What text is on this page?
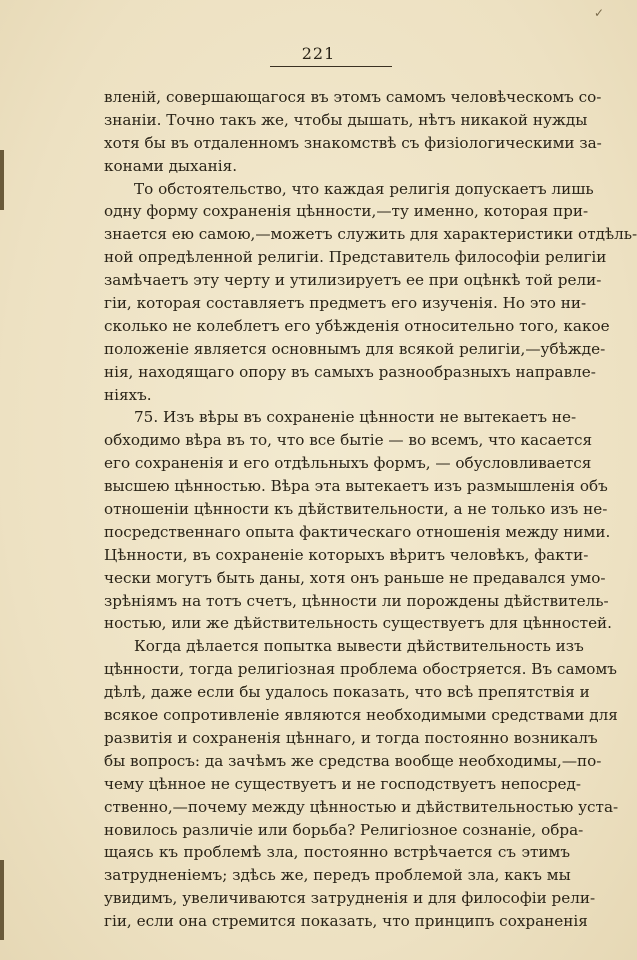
✓
221
вленій, совершающагося въ этомъ самомъ человѣческомъ со-
знаніи. Точно такъ же, чтобы дышать, нѣтъ никакой нужды
хотя бы въ отдаленномъ знакомствѣ съ физіологическими за-
конами дыханія.
То обстоятельство, что каждая религія допускаетъ лишь
одну форму сохраненія цѣнности,—ту именно, которая при-
знается ею самою,—можетъ служить для характеристики отдѣль-
ной опредѣленной религіи. Представитель философіи религіи
замѣчаетъ эту черту и утилизируетъ ее при оцѣнкѣ той рели-
гіи, которая составляетъ предметъ его изученія. Но это ни-
сколько не колеблетъ его убѣжденія относительно того, какое
положеніе является основнымъ для всякой религіи,—убѣжде-
нія, находящаго опору въ самыхъ разнообразныхъ направле-
ніяхъ.
75. Изъ вѣры въ сохраненіе цѣнности не вытекаетъ не-
обходимо вѣра въ то, что все бытіе — во всемъ, что касается
его сохраненія и его отдѣльныхъ формъ, — обусловливается
высшею цѣнностью. Вѣра эта вытекаетъ изъ размышленія объ
отношеніи цѣнности къ дѣйствительности, а не только изъ не-
посредственнаго опыта фактическаго отношенія между ними.
Цѣнности, въ сохраненіе которыхъ вѣритъ человѣкъ, факти-
чески могутъ быть даны, хотя онъ раньше не предавался умо-
зрѣніямъ на тотъ счетъ, цѣнности ли порождены дѣйствитель-
ностью, или же дѣйствительность существуетъ для цѣнностей.
Когда дѣлается попытка вывести дѣйствительность изъ
цѣнности, тогда религіозная проблема обостряется. Въ самомъ
дѣлѣ, даже если бы удалось показать, что всѣ препятствія и
всякое сопротивленіе являются необходимыми средствами для
развитія и сохраненія цѣннаго, и тогда постоянно возникалъ
бы вопросъ: да зачѣмъ же средства вообще необходимы,—по-
чему цѣнное не существуетъ и не господствуетъ непосред-
ственно,—почему между цѣнностью и дѣйствительностью уста-
новилось различіе или борьба? Религіозное сознаніе, обра-
щаясь къ проблемѣ зла, постоянно встрѣчается съ этимъ
затрудненіемъ; здѣсь же, передъ проблемой зла, какъ мы
увидимъ, увеличиваются затрудненія и для философіи рели-
гіи, если она стремится показать, что принципъ сохраненія
